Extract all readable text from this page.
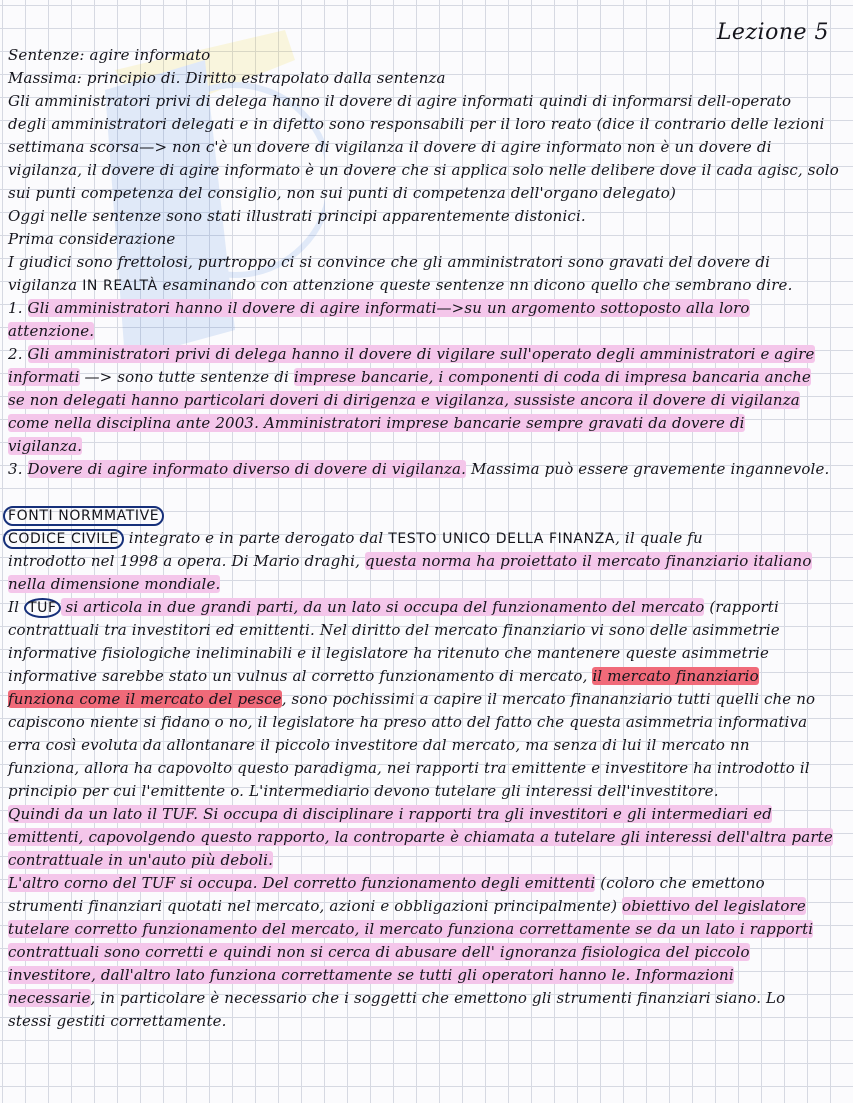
Lezione 5
Sentenze: agire informato
Massima: principio di. Diritto estrapolato dalla sentenza
Gli amministratori privi di delega hanno il dovere di agire informati quindi di informarsi dell-operato
degli amministratori delegati e in difetto sono responsabili per il loro reato (dice il contrario delle lezioni
settimana scorsa—> non c'è un dovere di vigilanza il dovere di agire informato non è un dovere di
vigilanza, il dovere di agire informato è un dovere che si applica solo nelle delibere dove il cada agisc, solo
sui punti competenza del consiglio, non sui punti di competenza dell'organo delegato)
Oggi nelle sentenze sono stati illustrati principi apparentemente distonici.
Prima considerazione
I giudici sono frettolosi, purtroppo ci si convince che gli amministratori sono gravati del dovere di
vigilanza IN REALTÀ esaminando con attenzione queste sentenze nn dicono quello che sembrano dire.
1. Gli amministratori hanno il dovere di agire informati—>su un argomento sottoposto alla loro
attenzione.
2. Gli amministratori privi di delega hanno il dovere di vigilare sull'operato degli amministratori e agire
informati —> sono tutte sentenze di imprese bancarie, i componenti di coda di impresa bancaria anche
se non delegati hanno particolari doveri di dirigenza e vigilanza, sussiste ancora il dovere di vigilanza
come nella disciplina ante 2003. Amministratori imprese bancarie sempre gravati da dovere di
vigilanza.
3. Dovere di agire informato diverso di dovere di vigilanza. Massima può essere gravemente ingannevole.
FONTI NORMMATIVE
CODICE CIVILE integrato e in parte derogato dal TESTO UNICO DELLA FINANZA, il quale fu
introdotto nel 1998 a opera. Di Mario draghi, questa norma ha proiettato il mercato finanziario italiano
nella dimensione mondiale.
Il TUF si articola in due grandi parti, da un lato si occupa del funzionamento del mercato (rapporti
contrattuali tra investitori ed emittenti. Nel diritto del mercato finanziario vi sono delle asimmetrie
informative fisiologiche ineliminabili e il legislatore ha ritenuto che mantenere queste asimmetrie
informative sarebbe stato un vulnus al corretto funzionamento di mercato, il mercato finanziario
funziona come il mercato del pesce, sono pochissimi a capire il mercato finananziario tutti quelli che no
capiscono niente si fidano o no, il legislatore ha preso atto del fatto che questa asimmetria informativa
erra così evoluta da allontanare il piccolo investitore dal mercato, ma senza di lui il mercato nn
funziona, allora ha capovolto questo paradigma, nei rapporti tra emittente e investitore ha introdotto il
principio per cui l'emittente o. L'intermediario devono tutelare gli interessi dell'investitore.
Quindi da un lato il TUF. Si occupa di disciplinare i rapporti tra gli investitori e gli intermediari ed
emittenti, capovolgendo questo rapporto, la controparte è chiamata a tutelare gli interessi dell'altra parte
contrattuale in un'auto più deboli.
L'altro corno del TUF si occupa. Del corretto funzionamento degli emittenti (coloro che emettono
strumenti finanziari quotati nel mercato, azioni e obbligazioni principalmente) obiettivo del legislatore
tutelare corretto funzionamento del mercato, il mercato funziona correttamente se da un lato i rapporti
contrattuali sono corretti e quindi non si cerca di abusare dell' ignoranza fisiologica del piccolo
investitore, dall'altro lato funziona correttamente se tutti gli operatori hanno le. Informazioni
necessarie, in particolare è necessario che i soggetti che emettono gli strumenti finanziari siano. Lo
stessi gestiti correttamente.
